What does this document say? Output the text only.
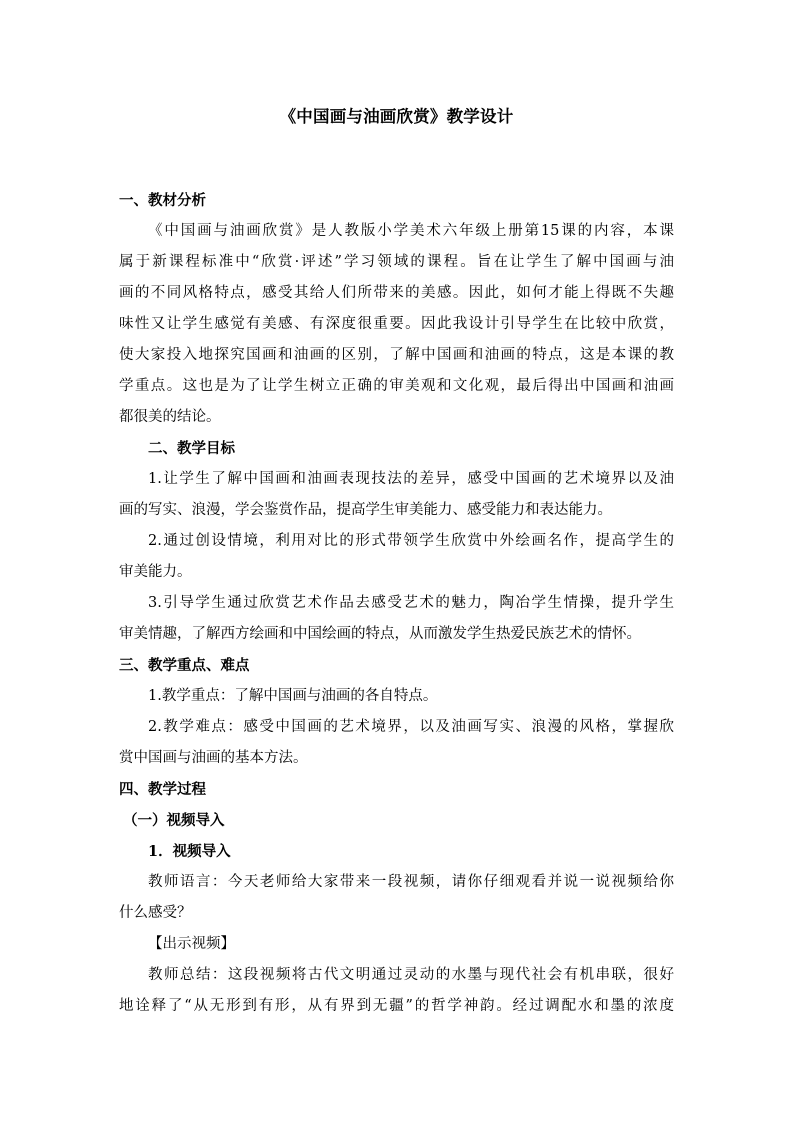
《中国画与油画欣赏》教学设计
一、教材分析
《中国画与油画欣赏》是人教版小学美术六年级上册第15课的内容，本课
属于新课程标准中“欣赏·评述”学习领域的课程。旨在让学生了解中国画与油
画的不同风格特点，感受其给人们所带来的美感。因此，如何才能上得既不失趣
味性又让学生感觉有美感、有深度很重要。因此我设计引导学生在比较中欣赏，
使大家投入地探究国画和油画的区别，了解中国画和油画的特点，这是本课的教
学重点。这也是为了让学生树立正确的审美观和文化观，最后得出中国画和油画
都很美的结论。
二、教学目标
1.让学生了解中国画和油画表现技法的差异，感受中国画的艺术境界以及油
画的写实、浪漫，学会鉴赏作品，提高学生审美能力、感受能力和表达能力。
2.通过创设情境，利用对比的形式带领学生欣赏中外绘画名作，提高学生的
审美能力。
3.引导学生通过欣赏艺术作品去感受艺术的魅力，陶冶学生情操，提升学生
审美情趣，了解西方绘画和中国绘画的特点，从而激发学生热爱民族艺术的情怀。
三、教学重点、难点
1.教学重点：了解中国画与油画的各自特点。
2.教学难点：感受中国画的艺术境界，以及油画写实、浪漫的风格，掌握欣
赏中国画与油画的基本方法。
四、教学过程
（一）视频导入
1．视频导入
教师语言：今天老师给大家带来一段视频，请你仔细观看并说一说视频给你
什么感受？
【出示视频】
教师总结：这段视频将古代文明通过灵动的水墨与现代社会有机串联，很好
地诠释了“从无形到有形，从有界到无疆”的哲学神韵。经过调配水和墨的浓度
